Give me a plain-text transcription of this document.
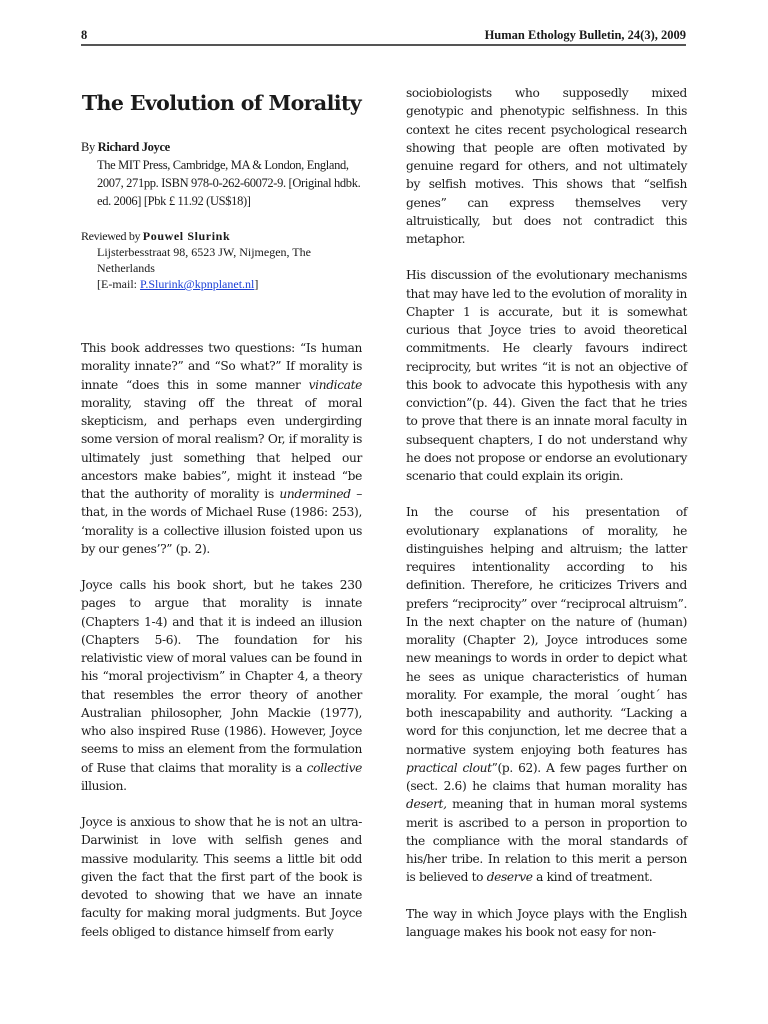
8	Human Ethology Bulletin, 24(3), 2009
The Evolution of Morality

By Richard Joyce

The MIT Press, Cambridge, MA & London, England, 2007, 271pp. ISBN 978-0-262-60072-9. [Original hdbk. ed. 2006] [Pbk £ 11.92 (US$18)]

Reviewed by Pouwel Slurink

Lijsterbesstraat 98, 6523 JW, Nijmegen, The Netherlands
[E-mail: P.Slurink@kpnplanet.nl]

This book addresses two questions: “Is human morality innate?” and “So what?” If morality is innate “does this in some manner vindicate morality, staving off the threat of moral skepticism, and perhaps even undergirding some version of moral realism? Or, if morality is ultimately just something that helped our ancestors make babies”, might it instead “be that the authority of morality is undermined – that, in the words of Michael Ruse (1986: 253), ‘morality is a collective illusion foisted upon us by our genes’?” (p. 2).

Joyce calls his book short, but he takes 230 pages to argue that morality is innate (Chapters 1-4) and that it is indeed an illusion (Chapters 5-6). The foundation for his relativistic view of moral values can be found in his “moral projectivism” in Chapter 4, a theory that resembles the error theory of another Australian philosopher, John Mackie (1977), who also inspired Ruse (1986). However, Joyce seems to miss an element from the formulation of Ruse that claims that morality is a collective illusion.

Joyce is anxious to show that he is not an ultra-Darwinist in love with selfish genes and massive modularity. This seems a little bit odd given the fact that the first part of the book is devoted to showing that we have an innate faculty for making moral judgments. But Joyce feels obliged to distance himself from early

sociobiologists who supposedly mixed genotypic and phenotypic selfishness. In this context he cites recent psychological research showing that people are often motivated by genuine regard for others, and not ultimately by selfish motives. This shows that “selfish genes” can express themselves very altruistically, but does not contradict this metaphor.

His discussion of the evolutionary mechanisms that may have led to the evolution of morality in Chapter 1 is accurate, but it is somewhat curious that Joyce tries to avoid theoretical commitments. He clearly favours indirect reciprocity, but writes “it is not an objective of this book to advocate this hypothesis with any conviction”(p. 44). Given the fact that he tries to prove that there is an innate moral faculty in subsequent chapters, I do not understand why he does not propose or endorse an evolutionary scenario that could explain its origin.

In the course of his presentation of evolutionary explanations of morality, he distinguishes helping and altruism; the latter requires intentionality according to his definition. Therefore, he criticizes Trivers and prefers “reciprocity” over “reciprocal altruism”. In the next chapter on the nature of (human) morality (Chapter 2), Joyce introduces some new meanings to words in order to depict what he sees as unique characteristics of human morality. For example, the moral ´ought´ has both inescapability and authority. “Lacking a word for this conjunction, let me decree that a normative system enjoying both features has practical clout”(p. 62). A few pages further on (sect. 2.6) he claims that human morality has desert, meaning that in human moral systems merit is ascribed to a person in proportion to the compliance with the moral standards of his/her tribe. In relation to this merit a person is believed to deserve a kind of treatment.

The way in which Joyce plays with the English language makes his book not easy for non-
